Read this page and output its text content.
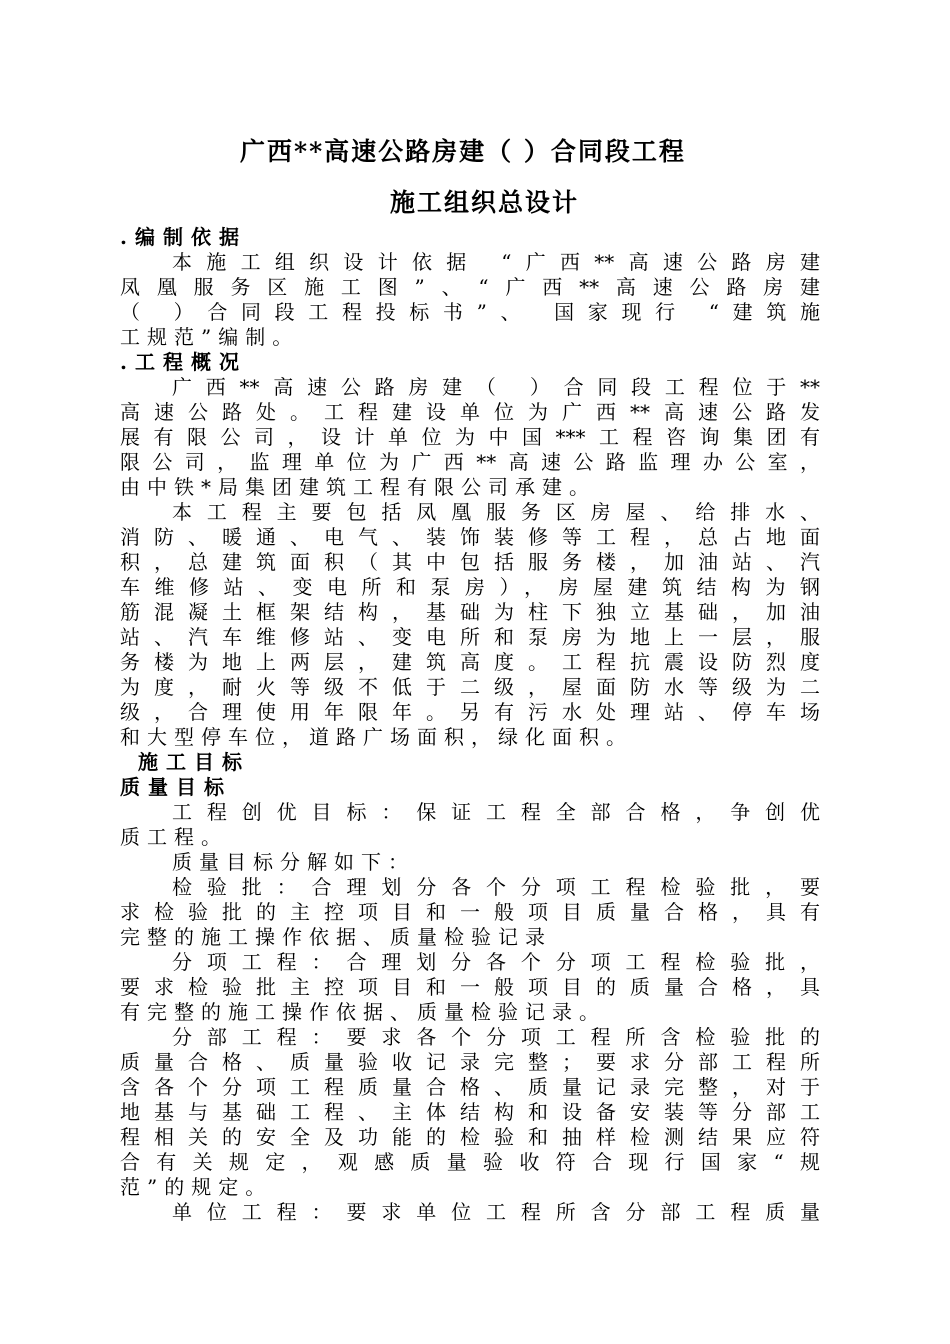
广西**高速公路房建（ ）合同段工程
施工组织总设计
.编制依据
本施工组织设计依据 “广西**高速公路房建
凤凰服务区施工图”、“广西**高速公路房建
（ ）合同段工程投标书”、 国家现行 “建筑施
工规范”编制。
.工程概况
广西**高速公路房建（ ）合同段工程位于**
高速公路处。工程建设单位为广西**高速公路发
展有限公司，设计单位为中国***工程咨询集团有
限公司，监理单位为广西**高速公路监理办公室，
由中铁*局集团建筑工程有限公司承建。
本工程主要包括凤凰服务区房屋、给排水、
消防、暖通、电气、装饰装修等工程，总占地面
积，总建筑面积（其中包括服务楼，加油站、汽
车维修站、变电所和泵房），房屋建筑结构为钢
筋混凝土框架结构，基础为柱下独立基础，加油
站、汽车维修站、变电所和泵房为地上一层，服
务楼为地上两层，建筑高度。工程抗震设防烈度
为度，耐火等级不低于二级，屋面防水等级为二
级，合理使用年限年。另有污水处理站、停车场
和大型停车位，道路广场面积，绿化面积。
施工目标
质量目标
工程创优目标：保证工程全部合格，争创优
质工程。
质量目标分解如下：
检验批：合理划分各个分项工程检验批，要
求检验批的主控项目和一般项目质量合格，具有
完整的施工操作依据、质量检验记录
分项工程：合理划分各个分项工程检验批，
要求检验批主控项目和一般项目的质量合格，具
有完整的施工操作依据、质量检验记录。
分部工程：要求各个分项工程所含检验批的
质量合格、质量验收记录完整；要求分部工程所
含各个分项工程质量合格、质量记录完整，对于
地基与基础工程、主体结构和设备安装等分部工
程相关的安全及功能的检验和抽样检测结果应符
合有关规定，观感质量验收符合现行国家“规
范”的规定。
单位工程：要求单位工程所含分部工程质量
